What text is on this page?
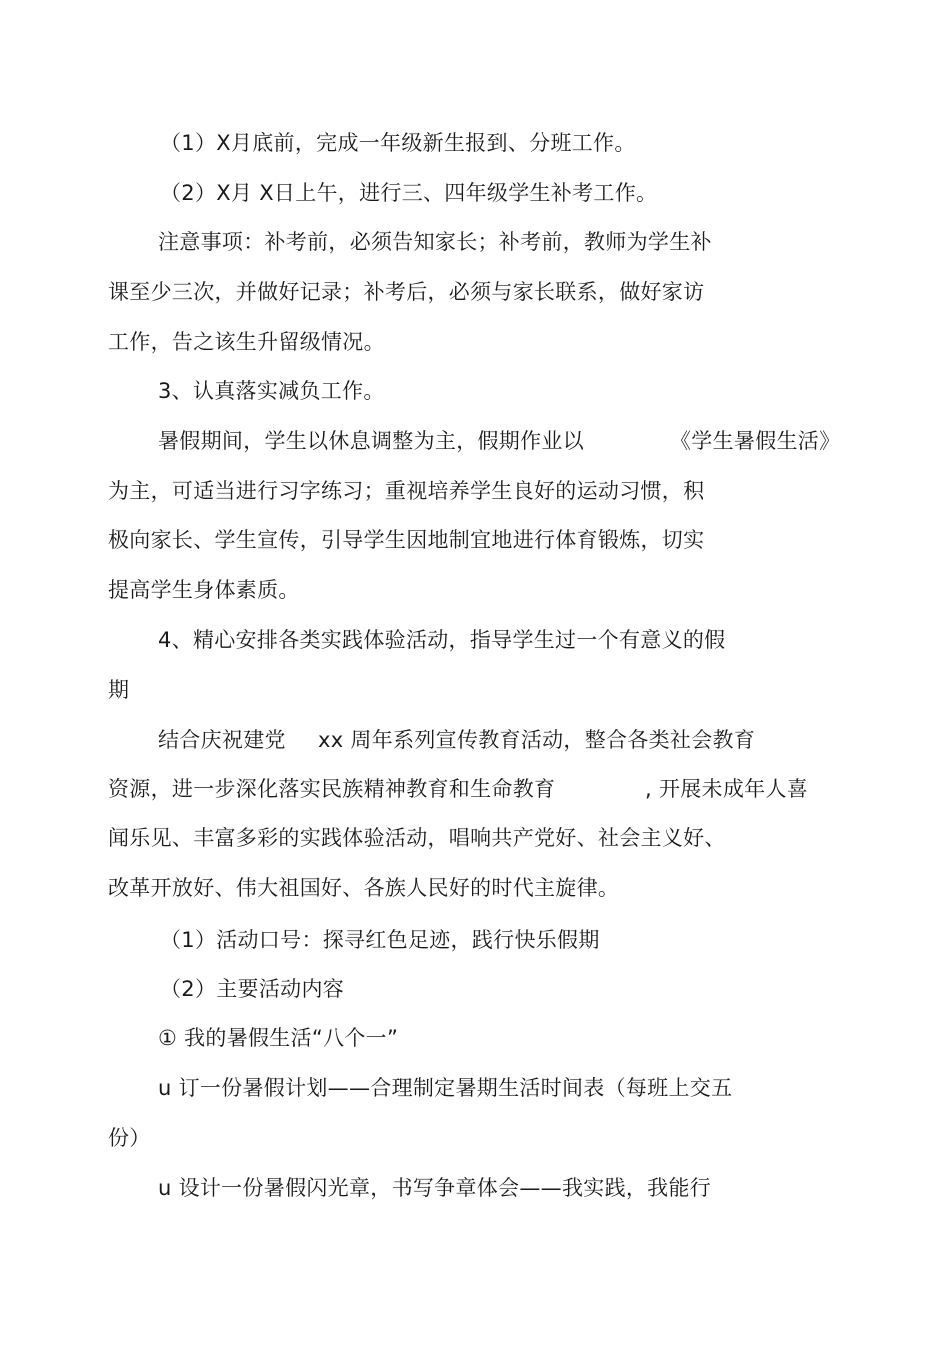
（1）X月底前，完成一年级新生报到、分班工作。
（2）X月 X日上午，进行三、四年级学生补考工作。
注意事项：补考前，必须告知家长；补考前，教师为学生补
课至少三次，并做好记录；补考后，必须与家长联系，做好家访
工作，告之该生升留级情况。
3、认真落实减负工作。
暑假期间，学生以休息调整为主，假期作业以	《学生暑假生活》
为主，可适当进行习字练习；重视培养学生良好的运动习惯，积
极向家长、学生宣传，引导学生因地制宜地进行体育锻炼，切实
提高学生身体素质。
4、精心安排各类实践体验活动，指导学生过一个有意义的假
期
结合庆祝建党 xx 周年系列宣传教育活动，整合各类社会教育
资源，进一步深化落实民族精神教育和生命教育	, 开展未成年人喜
闻乐见、丰富多彩的实践体验活动，唱响共产党好、社会主义好、
改革开放好、伟大祖国好、各族人民好的时代主旋律。
（1）活动口号：探寻红色足迹，践行快乐假期
（2）主要活动内容
① 我的暑假生活“八个一”
u 订一份暑假计划——合理制定暑期生活时间表（每班上交五
份）
u 设计一份暑假闪光章，书写争章体会——我实践，我能行
